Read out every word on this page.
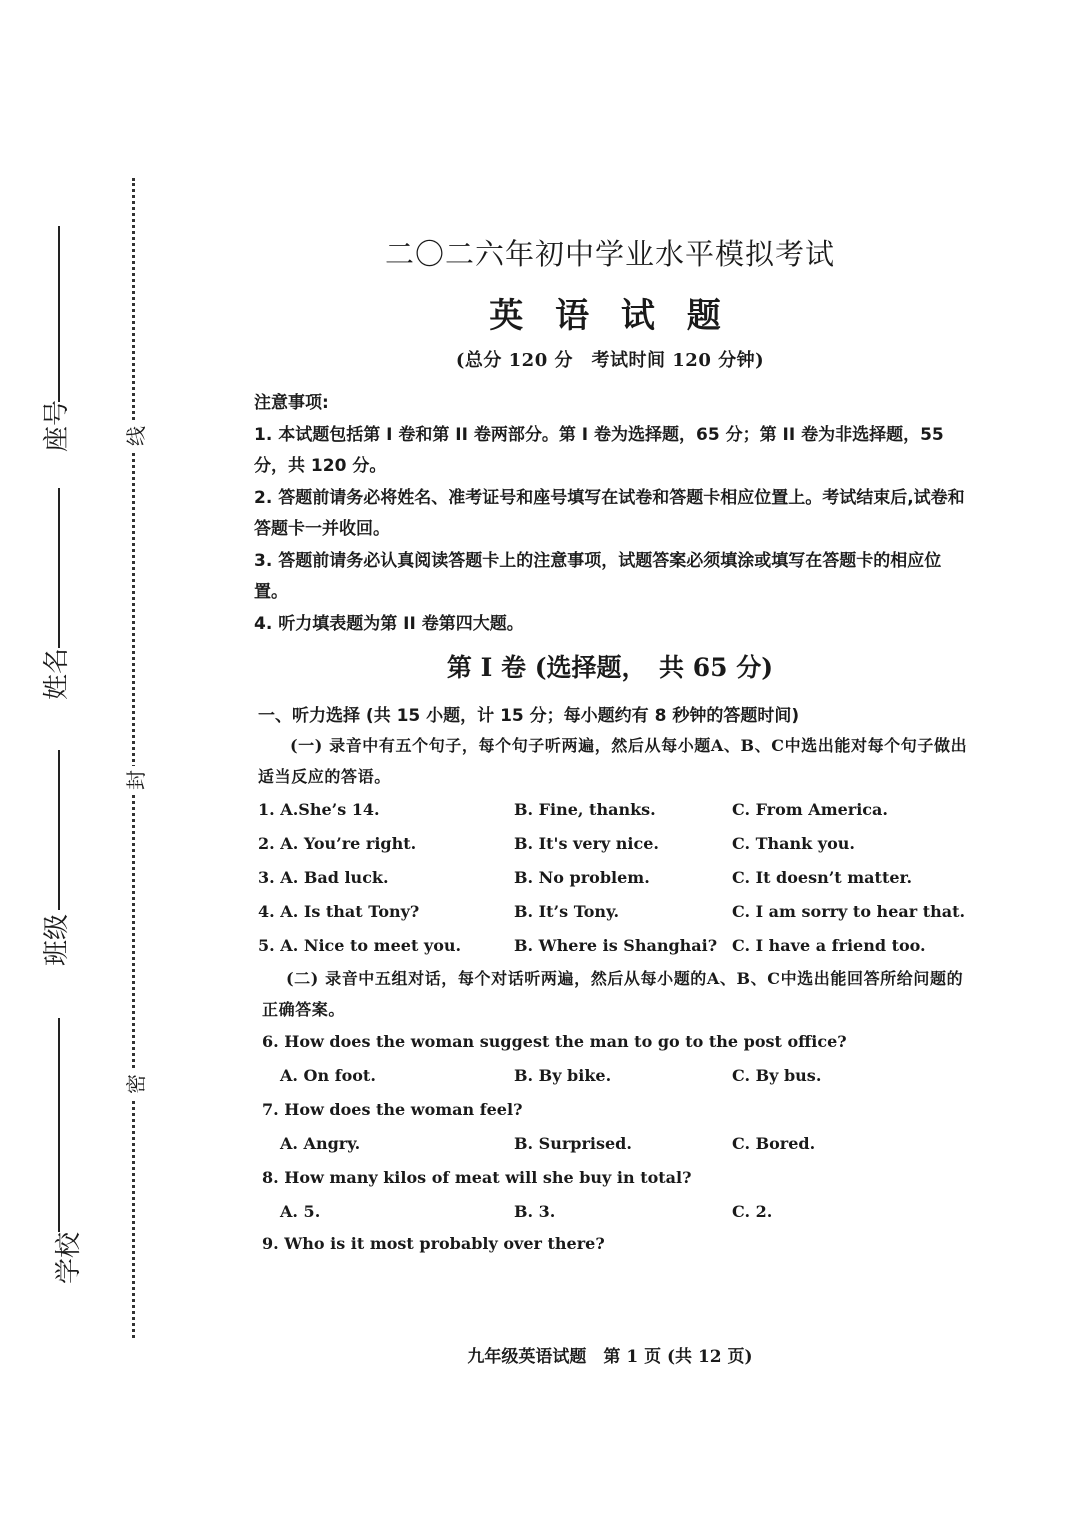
线
封
密
座号
姓名
班级
学校
二〇二六年初中学业水平模拟考试
英 语 试 题
(总分 120 分　考试时间 120 分钟)

注意事项:

1. 本试题包括第 I 卷和第 II 卷两部分。第 I 卷为选择题，65 分；第 II 卷为非选择题，55 分，共 120 分。

2. 答题前请务必将姓名、准考证号和座号填写在试卷和答题卡相应位置上。考试结束后,试卷和答题卡一并收回。

3. 答题前请务必认真阅读答题卡上的注意事项，试题答案必须填涂或填写在答题卡的相应位置。

4. 听力填表题为第 II 卷第四大题。

第 I 卷 (选择题，　共 65 分)
一、听力选择 (共 15 小题，计 15 分；每小题约有 8 秒钟的答题时间)
(一) 录音中有五个句子，每个句子听两遍，然后从每小题A、B、C中选出能对每个句子做出适当反应的答语。
1. A.She’s 14.	B. Fine, thanks.	C. From America.
2. A. You’re right.	B. It's very nice.	C. Thank you.
3. A. Bad luck.	B. No problem.	C. It doesn’t matter.
4. A. Is that Tony?	B. It’s Tony.	C. I am sorry to hear that.
5. A. Nice to meet you.	B. Where is Shanghai? C. I have a friend too.
(二) 录音中五组对话，每个对话听两遍，然后从每小题的A、B、C中选出能回答所给问题的正确答案。
6. How does the woman suggest the man to go to the post office?
A. On foot.	B. By bike.	C. By bus.
7. How does the woman feel?
A. Angry.	B. Surprised.	C. Bored.
8. How many kilos of meat will she buy in total?
A. 5.	B. 3.	C. 2.
9. Who is it most probably over there?
九年级英语试题　第 1 页 (共 12 页)
